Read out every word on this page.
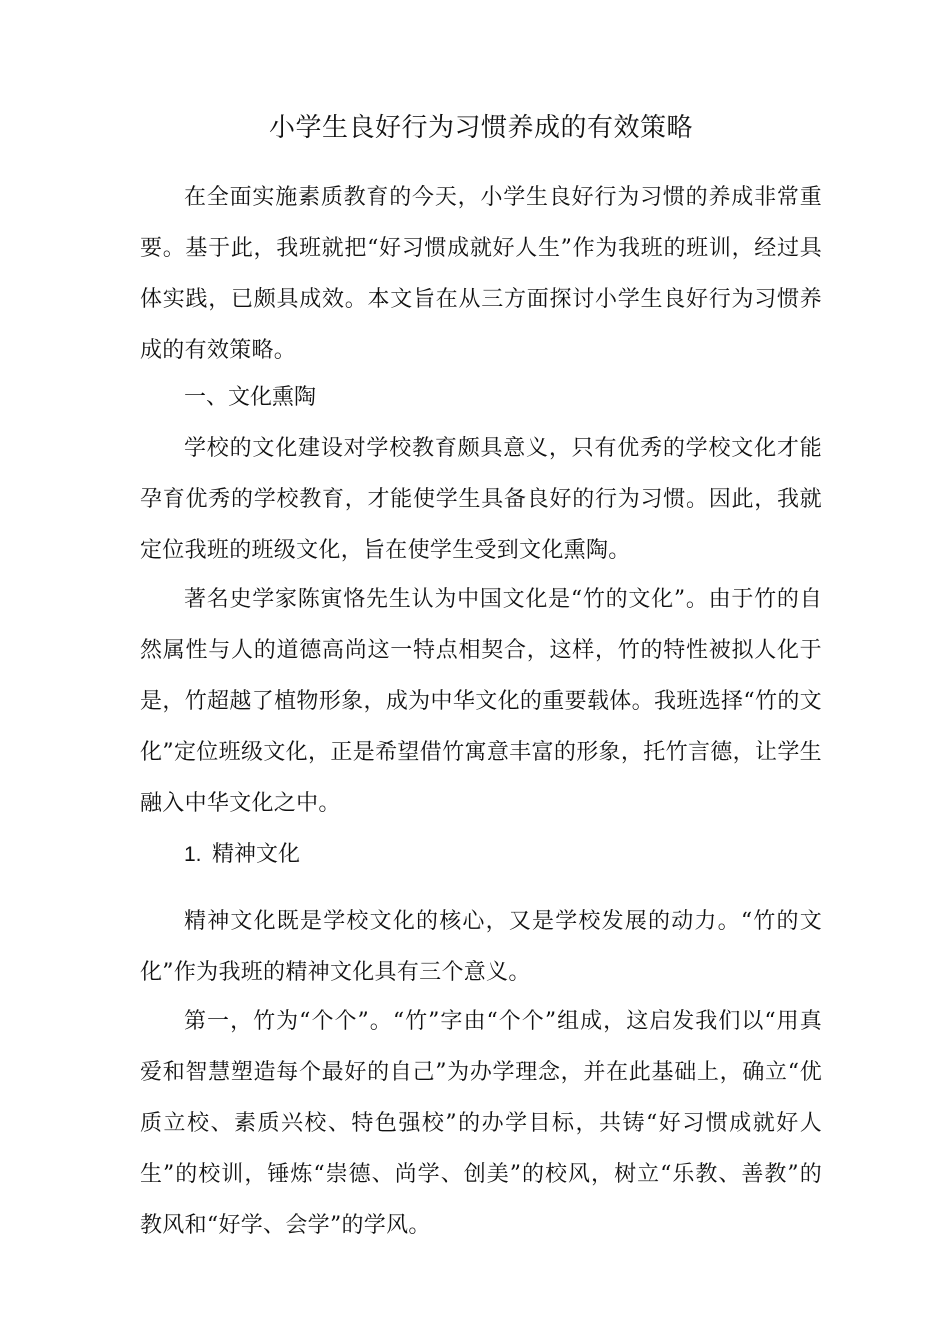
小学生良好行为习惯养成的有效策略

在全面实施素质教育的今天，小学生良好行为习惯的养成非常重要。基于此，我班就把“好习惯成就好人生”作为我班的班训，经过具体实践，已颇具成效。本文旨在从三方面探讨小学生良好行为习惯养成的有效策略。

一、文化熏陶

学校的文化建设对学校教育颇具意义，只有优秀的学校文化才能孕育优秀的学校教育，才能使学生具备良好的行为习惯。因此，我就定位我班的班级文化，旨在使学生受到文化熏陶。

著名史学家陈寅恪先生认为中国文化是“竹的文化”。由于竹的自然属性与人的道德高尚这一特点相契合，这样，竹的特性被拟人化于是，竹超越了植物形象，成为中华文化的重要载体。我班选择“竹的文化”定位班级文化，正是希望借竹寓意丰富的形象，托竹言德，让学生融入中华文化之中。

1. 精神文化

精神文化既是学校文化的核心，又是学校发展的动力。“竹的文化”作为我班的精神文化具有三个意义。

第一，竹为“个个”。“竹”字由“个个”组成，这启发我们以“用真爱和智慧塑造每个最好的自己”为办学理念，并在此基础上，确立“优质立校、素质兴校、特色强校”的办学目标，共铸“好习惯成就好人生”的校训，锤炼“崇德、尚学、创美”的校风，树立“乐教、善教”的教风和“好学、会学”的学风。
